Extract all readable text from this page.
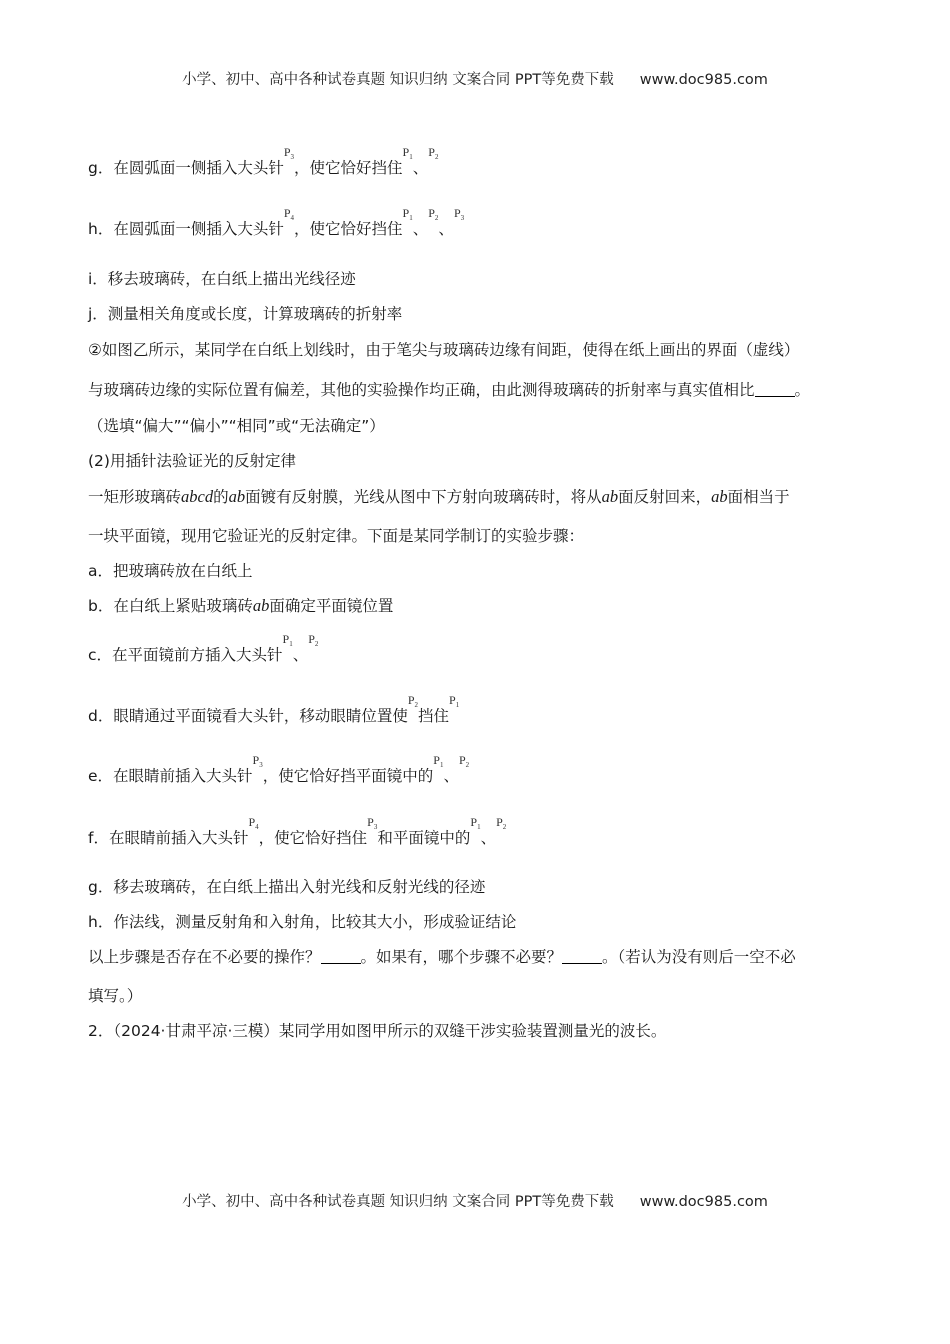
小学、初中、高中各种试卷真题 知识归纳 文案合同 PPT等免费下载 www.doc985.com
g．在圆弧面一侧插入大头针$P_3$，使它恰好挡住$P_1$、$P_2$
h．在圆弧面一侧插入大头针$P_4$，使它恰好挡住$P_1$、$P_2$、$P_3$
i．移去玻璃砖，在白纸上描出光线径迹
j．测量相关角度或长度，计算玻璃砖的折射率
②如图乙所示，某同学在白纸上划线时，由于笔尖与玻璃砖边缘有间距，使得在纸上画出的界面（虚线）
与玻璃砖边缘的实际位置有偏差，其他的实验操作均正确，由此测得玻璃砖的折射率与真实值相比	。
（选填“偏大”“偏小”“相同”或“无法确定”）
(2)用插针法验证光的反射定律
一矩形玻璃砖abcd的ab面镀有反射膜，光线从图中下方射向玻璃砖时，将从ab面反射回来，ab面相当于
一块平面镜，现用它验证光的反射定律。下面是某同学制订的实验步骤：
a．把玻璃砖放在白纸上
b．在白纸上紧贴玻璃砖ab面确定平面镜位置
c．在平面镜前方插入大头针$P_1$、$P_2$
d．眼睛通过平面镜看大头针，移动眼睛位置使$P_2$挡住$P_1$
e．在眼睛前插入大头针$P_3$，使它恰好挡平面镜中的$P_1$、$P_2$
f．在眼睛前插入大头针$P_4$，使它恰好挡住$P_3$和平面镜中的$P_1$、$P_2$
g．移去玻璃砖，在白纸上描出入射光线和反射光线的径迹
h．作法线，测量反射角和入射角，比较其大小，形成验证结论
以上步骤是否存在不必要的操作？	。如果有，哪个步骤不必要？	。（若认为没有则后一空不必
填写。）
2．（2024·甘肃平凉·三模）某同学用如图甲所示的双缝干涉实验装置测量光的波长。
小学、初中、高中各种试卷真题 知识归纳 文案合同 PPT等免费下载 www.doc985.com
